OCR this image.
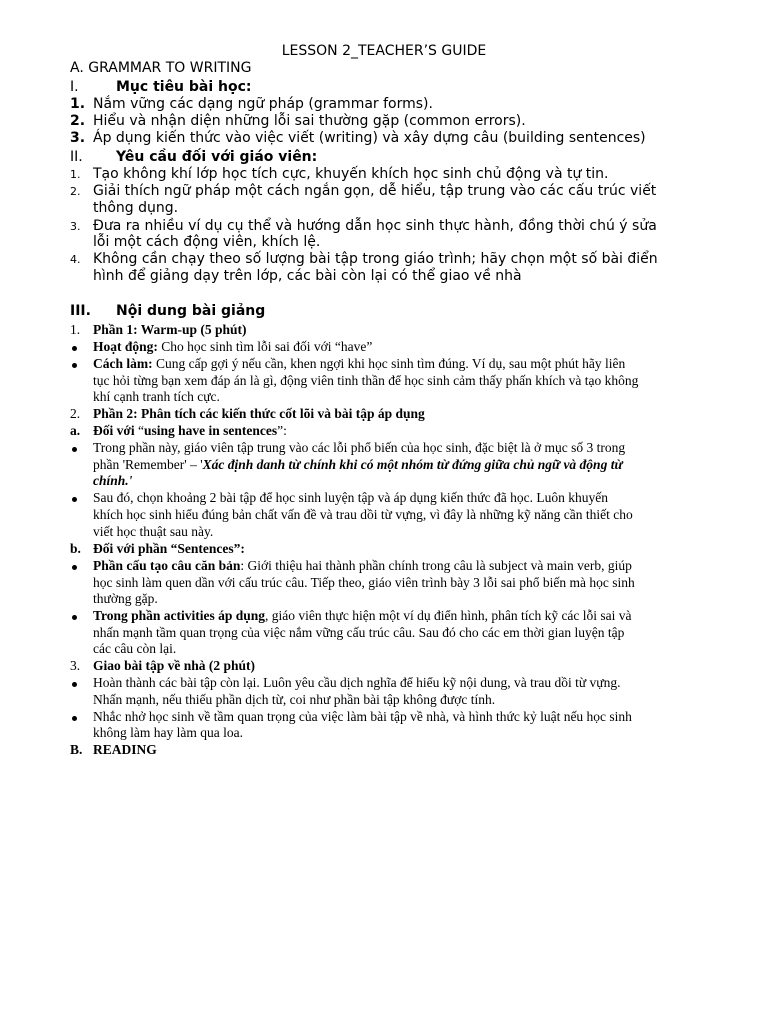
LESSON 2_TEACHER’S GUIDE
A. GRAMMAR TO WRITING
I.	Mục tiêu bài học:
1. Nắm vững các dạng ngữ pháp (grammar forms).
2. Hiểu và nhận diện những lỗi sai thường gặp (common errors).
3. Áp dụng kiến thức vào việc viết (writing) và xây dựng câu (building sentences)
II. Yêu cầu đối với giáo viên:
1. Tạo không khí lớp học tích cực, khuyến khích học sinh chủ động và tự tin.
2. Giải thích ngữ pháp một cách ngắn gọn, dễ hiểu, tập trung vào các cấu trúc viết
thông dụng.
3. Đưa ra nhiều ví dụ cụ thể và hướng dẫn học sinh thực hành, đồng thời chú ý sửa
lỗi một cách động viên, khích lệ.
4. Không cần chạy theo số lượng bài tập trong giáo trình; hãy chọn một số bài điển
hình để giảng dạy trên lớp, các bài còn lại có thể giao về nhà
III. Nội dung bài giảng
1. Phần 1: Warm-up (5 phút)
Hoạt động: Cho học sinh tìm lỗi sai đối với “have”
Cách làm: Cung cấp gợi ý nếu cần, khen ngợi khi học sinh tìm đúng. Ví dụ, sau một phút hãy liên
tục hỏi từng bạn xem đáp án là gì, động viên tinh thần để học sinh cảm thấy phấn khích và tạo không
khí cạnh tranh tích cực.
2. Phần 2: Phân tích các kiến thức cốt lõi và bài tập áp dụng
a. Đối với “using have in sentences”:
Trong phần này, giáo viên tập trung vào các lỗi phổ biến của học sinh, đặc biệt là ở mục số 3 trong
phần 'Remember' – 'Xác định danh từ chính khi có một nhóm từ đứng giữa chủ ngữ và động từ
chính.'
Sau đó, chọn khoảng 2 bài tập để học sinh luyện tập và áp dụng kiến thức đã học. Luôn khuyến
khích học sinh hiểu đúng bản chất vấn đề và trau dồi từ vựng, vì đây là những kỹ năng cần thiết cho
viết học thuật sau này.
b. Đối với phần “Sentences”:
Phần cấu tạo câu căn bản: Giới thiệu hai thành phần chính trong câu là subject và main verb, giúp
học sinh làm quen dần với cấu trúc câu. Tiếp theo, giáo viên trình bày 3 lỗi sai phổ biến mà học sinh
thường gặp.
Trong phần activities áp dụng, giáo viên thực hiện một ví dụ điển hình, phân tích kỹ các lỗi sai và
nhấn mạnh tầm quan trọng của việc nắm vững cấu trúc câu. Sau đó cho các em thời gian luyện tập
các câu còn lại.
3. Giao bài tập về nhà (2 phút)
Hoàn thành các bài tập còn lại. Luôn yêu cầu dịch nghĩa để hiểu kỹ nội dung, và trau dồi từ vựng.
Nhấn mạnh, nếu thiếu phần dịch từ, coi như phần bài tập không được tính.
Nhắc nhở học sinh về tầm quan trọng của việc làm bài tập về nhà, và hình thức kỷ luật nếu học sinh
không làm hay làm qua loa.
B. READING
